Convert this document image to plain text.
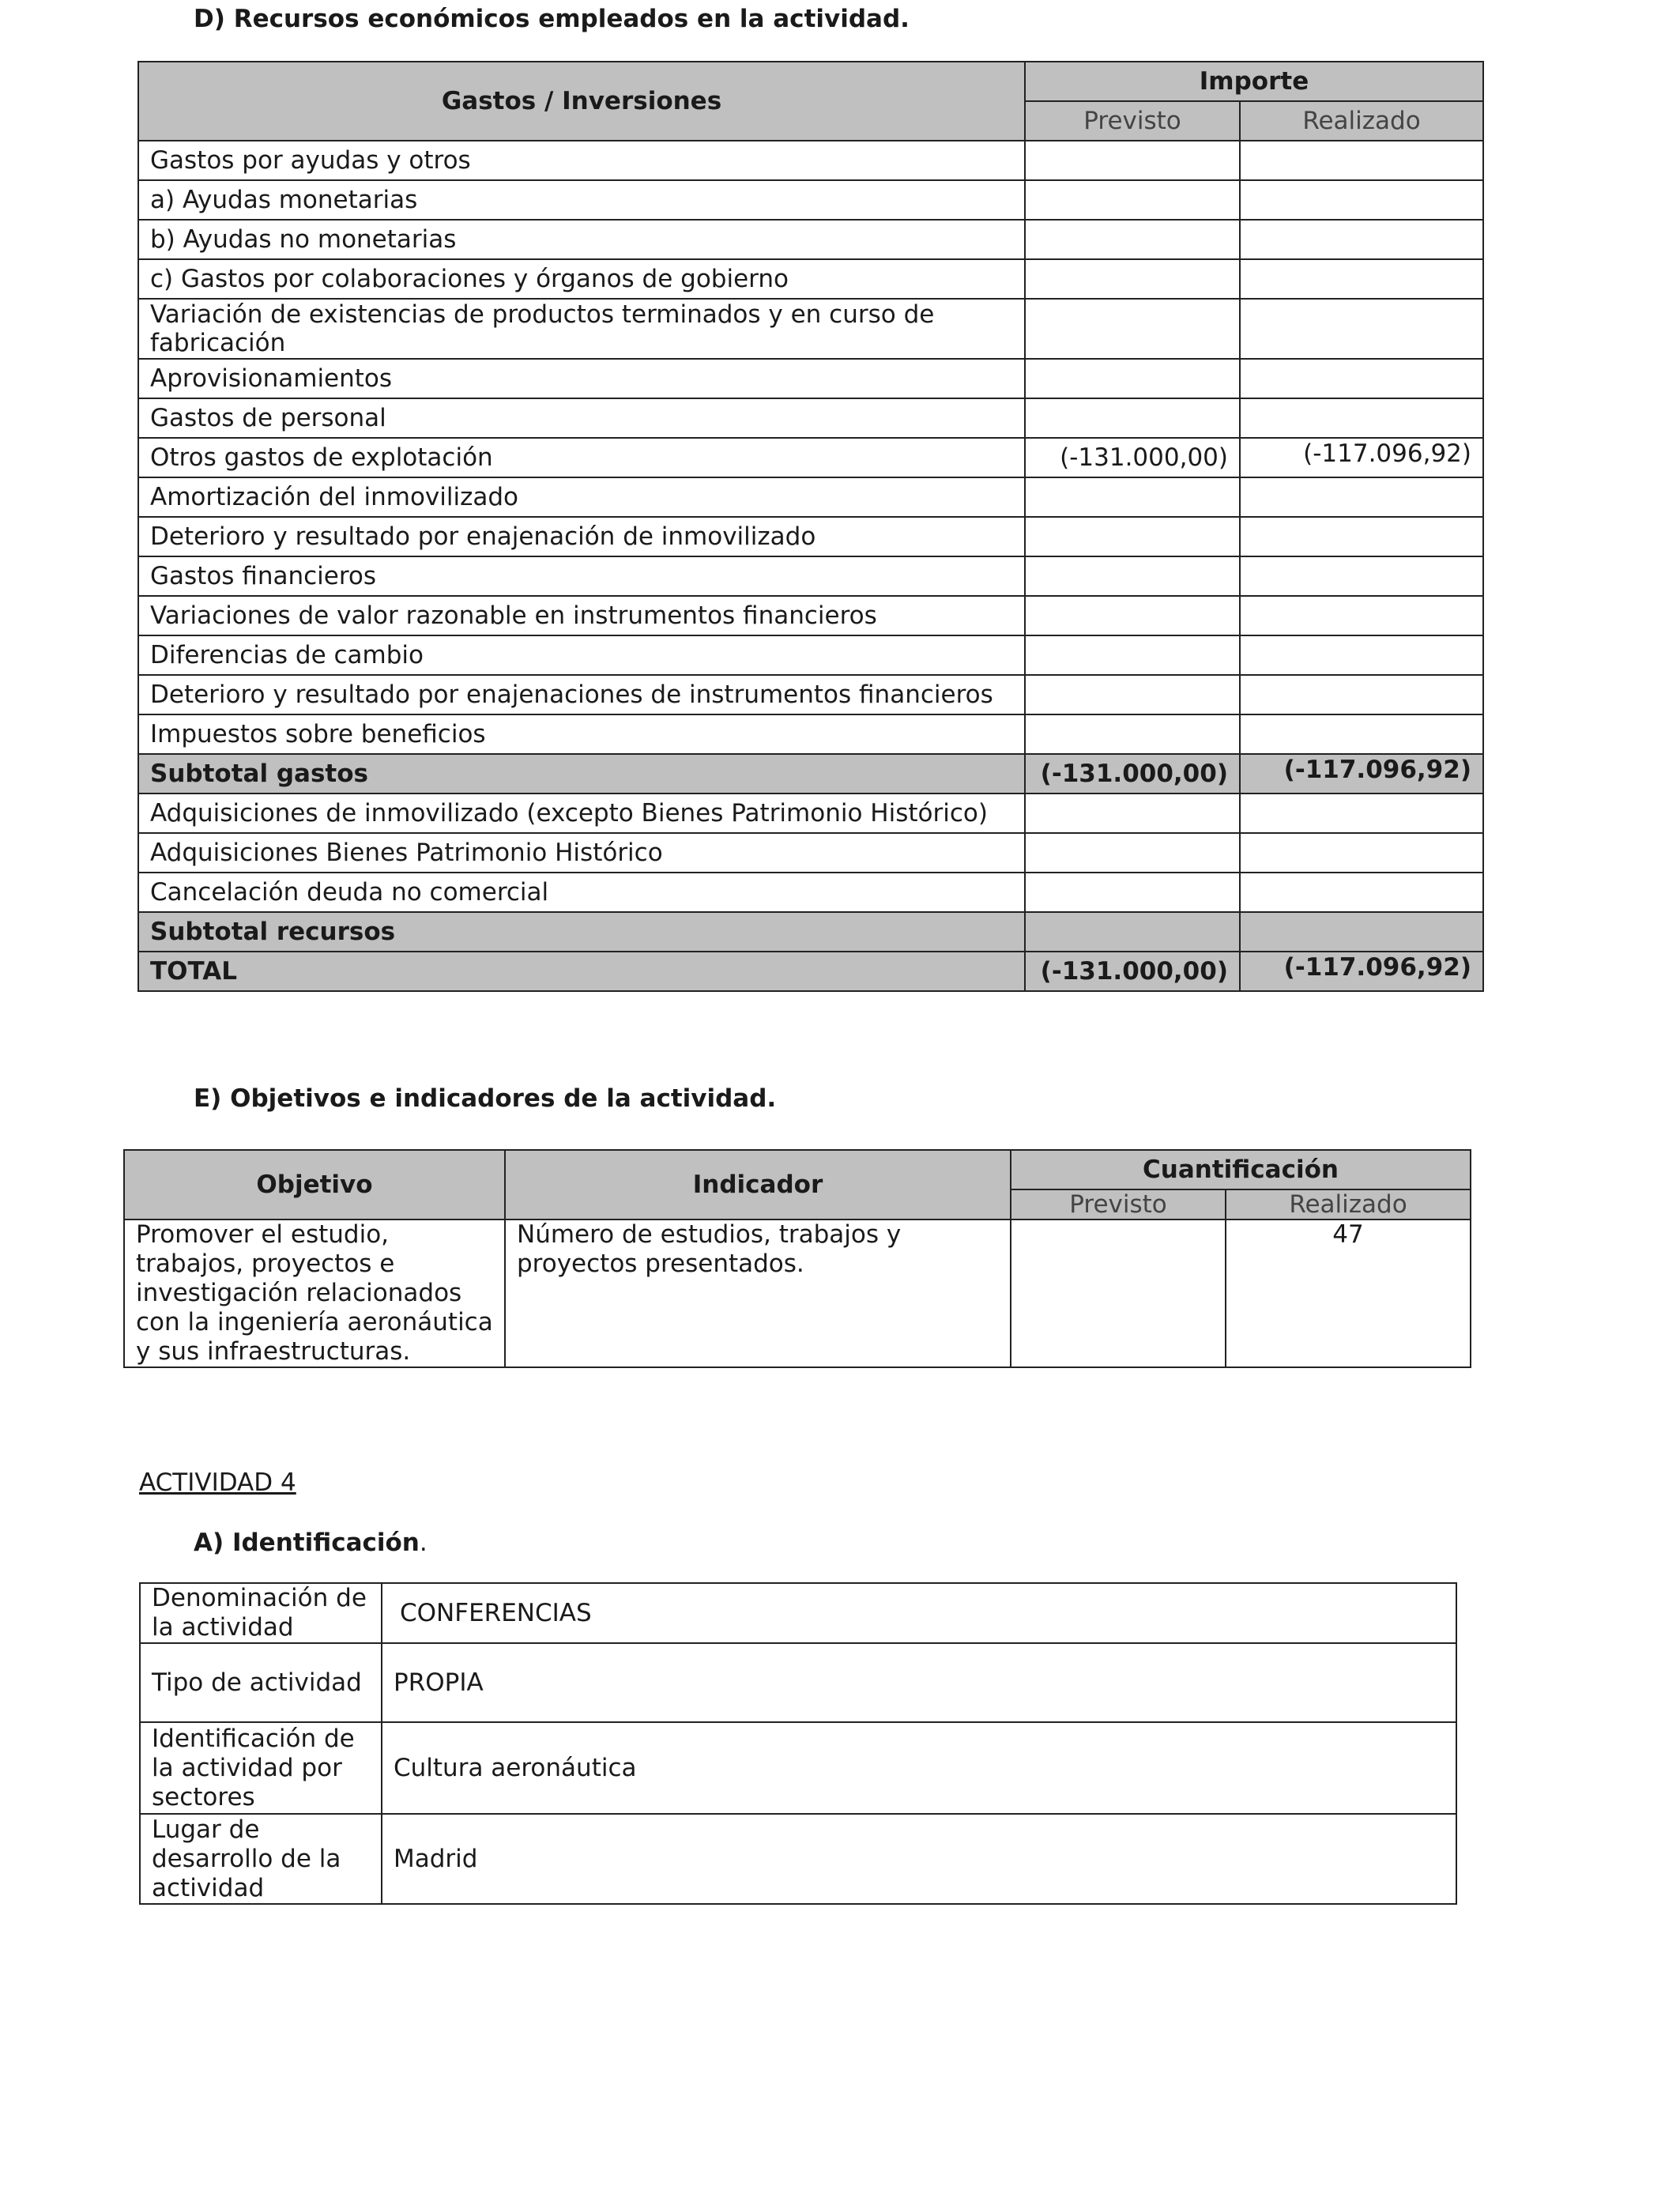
D) Recursos económicos empleados en la actividad.
Gastos / Inversiones	Importe	
	Previsto	Realizado
Gastos por ayudas y otros		
a) Ayudas monetarias		
b) Ayudas no monetarias		
c) Gastos por colaboraciones y órganos de gobierno		
Variación de existencias de productos terminados y en curso de fabricación		
Aprovisionamientos		
Gastos de personal		
Otros gastos de explotación	(-131.000,00)	(-117.096,92)
Amortización del inmovilizado		
Deterioro y resultado por enajenación de inmovilizado		
Gastos financieros		
Variaciones de valor razonable en instrumentos financieros		
Diferencias de cambio		
Deterioro y resultado por enajenaciones de instrumentos financieros		
Impuestos sobre beneficios		
Subtotal gastos	(-131.000,00)	(-117.096,92)
Adquisiciones de inmovilizado (excepto Bienes Patrimonio Histórico)		
Adquisiciones Bienes Patrimonio Histórico		
Cancelación deuda no comercial		
Subtotal recursos		
TOTAL	(-131.000,00)	(-117.096,92)
E) Objetivos e indicadores de la actividad.
Objetivo	Indicador	Cuantificación	
		Previsto	Realizado
Promover el estudio, trabajos, proyectos e investigación relacionados con la ingeniería aeronáutica y sus infraestructuras.	Número de estudios, trabajos y proyectos presentados.		47
ACTIVIDAD 4
A) Identificación.
Denominación de la actividad	CONFERENCIAS
Tipo de actividad	PROPIA
Identificación de la actividad por sectores	Cultura aeronáutica
Lugar de desarrollo de la actividad	Madrid
